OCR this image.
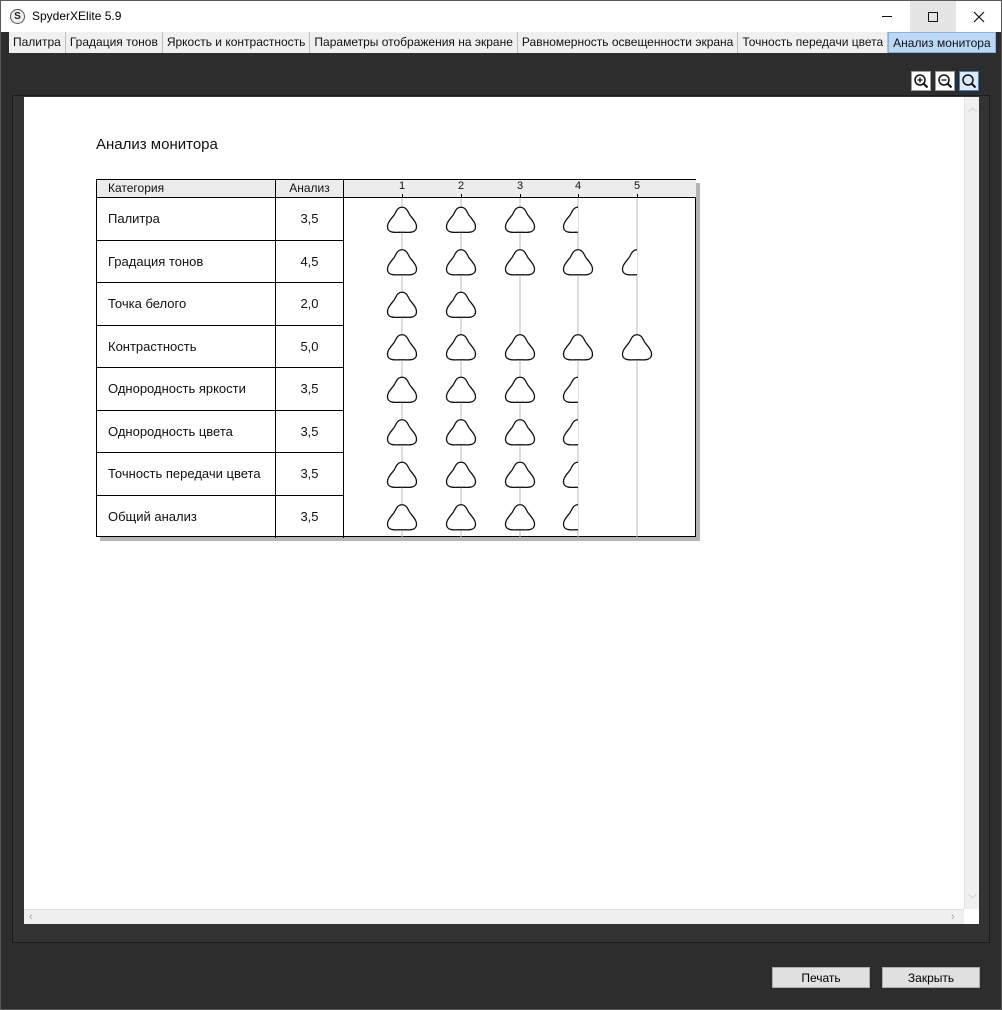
S SpyderXElite 5.9
Палитра Градация тонов Яркость и контрастность Параметры отображения на экране Равномерность освещенности экрана Точность передачи цвета Анализ монитора
Анализ монитора
Категория	Анализ	1	2	3	4	5
Палитра	3,5
Градация тонов	4,5
Точка белого	2,0
Контрастность	5,0
Однородность яркости	3,5
Однородность цвета	3,5
Точность передачи цвета	3,5
Общий анализ	3,5
︿
﹀
‹	›
Печать	Закрыть
